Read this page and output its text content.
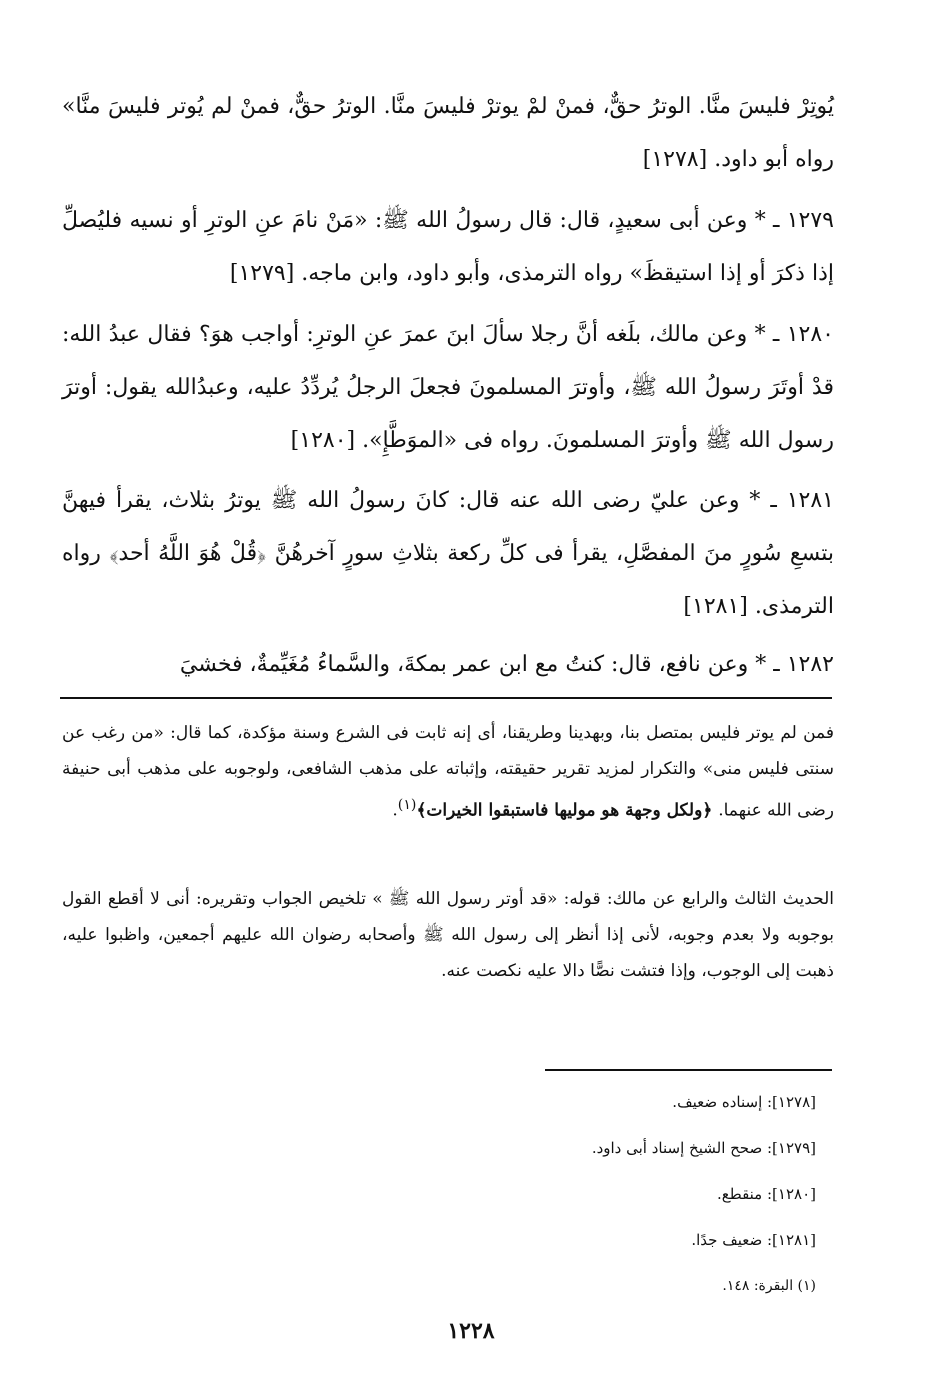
يُوتِرْ فليسَ منَّا. الوترُ حقٌّ، فمنْ لمْ يوترْ فليسَ منَّا. الوترُ حقٌّ، فمنْ لم يُوتر فليسَ منَّا» رواه أبو داود. [١٢٧٨]

١٢٧٩ ـ * وعن أبى سعيدٍ، قال: قال رسولُ الله ﷺ: «مَنْ نامَ عنِ الوترِ أو نسيه فليُصلِّ إذا ذكرَ أو إذا استيقظَ» رواه الترمذى، وأبو داود، وابن ماجه. [١٢٧٩]

١٢٨٠ ـ * وعن مالك، بلَغه أنَّ رجلا سألَ ابنَ عمرَ عنِ الوترِ: أواجب هوَ؟ فقال عبدُ الله: قدْ أوتَرَ رسولُ الله ﷺ، وأوترَ المسلمونَ فجعلَ الرجلُ يُردِّدُ عليه، وعبدُالله يقول: أوترَ رسول الله ﷺ وأوترَ المسلمونَ. رواه فى «الموَطَّإِ». [١٢٨٠]

١٢٨١ ـ * وعن عليّ رضى الله عنه قال: كانَ رسولُ الله ﷺ يوترُ بثلاث، يقرأ فيهنَّ بتسعِ سُورٍ منَ المفصَّلِ، يقرأ فى كلِّ ركعة بثلاثِ سورٍ آخرهُنَّ ﴿قُلْ هُوَ اللَّهُ أحد﴾ رواه الترمذى. [١٢٨١]

١٢٨٢ ـ * وعن نافع، قال: كنتُ مع ابن عمر بمكةَ، والسَّماءُ مُغَيِّمةٌ، فخشيَ

فمن لم يوتر فليس بمتصل بنا، وبهدينا وطريقنا، أى إنه ثابت فى الشرع وسنة مؤكدة، كما قال: «من رغب عن سنتى فليس منى» والتكرار لمزيد تقرير حقيقته، وإثباته على مذهب الشافعى، ولوجوبه على مذهب أبى حنيفة رضى الله عنهما. ﴿ولكل وجهة هو موليها فاستبقوا الخيرات﴾$^{(١)}$.

الحديث الثالث والرابع عن مالك: قوله: «قد أوتر رسول الله ﷺ » تلخيص الجواب وتقريره: أنى لا أقطع القول بوجوبه ولا بعدم وجوبه، لأنى إذا أنظر إلى رسول الله ﷺ وأصحابه رضوان الله عليهم أجمعين، واظبوا عليه، ذهبت إلى الوجوب، وإذا فتشت نصًّا دالا عليه نكصت عنه.

[١٢٧٨]: إسناده ضعيف.

[١٢٧٩]: صحح الشيخ إسناد أبى داود.

[١٢٨٠]: منقطع.

[١٢٨١]: ضعيف جدًا.

(١) البقرة: ١٤٨.

١٢٢٨
